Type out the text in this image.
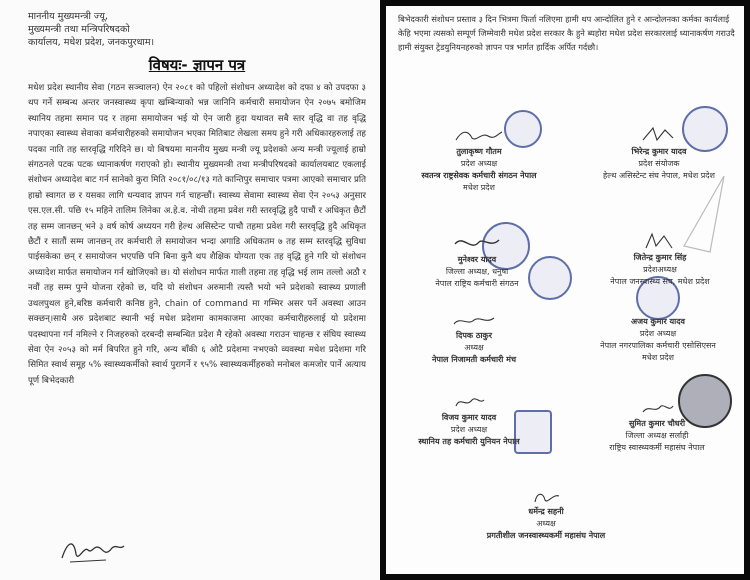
माननीय मुख्यमन्त्री ज्यू,
मुख्यमन्त्री तथा मन्त्रिपरिषदको
कार्यालय, मधेश प्रदेश, जनकपुरधाम।
विषयः- ज्ञापन पत्र

मधेश प्रदेश स्थानीय सेवा (गठन सञ्चालन) ऐन २०८१ को पहिलो संशोधन अध्यादेश को दफा ४ को उपदफा ३ थप गर्ने सम्बन्ध अन्तर जनस्वास्थ्य कृपा खम्बिन्याको भन्न जानिनि कर्मचारी समायोजन ऐन २०७५ बमोजिम स्थानिय तहमा समान पद र तहमा समायोजन भई यो ऐन जारी हुदा यथावत सबै स्तर वृद्धि वा तह वृद्धि नपाएका स्वास्थ्य सेवाका कर्मचारीहरुको समायोजन भएका मितिबाट लेखला समय हुने गरी अधिकारहरुलाई तह पदका नाति तह स्तरवृद्धि गरिदिने छ। यो बिषयमा माननीय मुख्य मन्त्री ज्यू प्रदेशको अन्य मन्त्री ज्यूलाई हाम्रो संगठनले पटक पटक ध्यानाकर्षण गराएको हो। स्थानीय मुख्यमन्त्री तथा मन्त्रीपरिषदको कार्यालयबाट एकलाई संशोधन अध्यादेश बाट गर्न सानेको कुरा मिति २०८१/०८/१३ गते कान्तिपुर समाचार पत्रमा आएको समाचार प्रति हाम्रो स्वागत छ र यसका लागि धन्यवाद ज्ञापन गर्न चाहन्छौं। स्वास्थ्य सेवामा स्वास्थ्य सेवा ऐन २०५३ अनुसार एस.एल.सी. पछि १५ महिने तालिम लिनेका अ.हे.व. नोथी तहमा प्रवेश गरी स्तरवृद्धि हुदै पाचौं र अधिकृत छैटौं तह सम्म जानछन् भने ३ वर्ष कोर्ष अध्ययन गरी हेल्थ असिस्टेन्ट पाचौ तहमा प्रवेश गरी स्तरवृद्धि हुदै अधिकृत छैटौं र सातौं सम्म जानछन् तर कर्मचारी ले समायोजन भन्दा अगाडि अधिकतम ७ तह सम्म स्तरवृद्धि सुविधा पाईसकेका छन् र समायोजन भएपछि पनि बिना कुनै थप शैक्षिक योग्यता एक तह वृद्धि हुने गरि यो संशोधन अध्यादेश मार्फत समायोजन गर्न खोजिएको छ। यो संशोधन मार्फत गाली तहमा तह वृद्धि भई लाम तल्लो अठौ र नवौं तह सम्म पुग्ने योजना रहेको छ, यदि यो संशोधन अरुमानी त्यस्तै भयो भने प्रदेशको स्वास्थ्य प्रणाली उथलपुथल हुने,बरिष्ठ कर्मचारी कनिष्ठ हुने, chain of command मा गम्भिर असर पर्ने अवस्था आउन सक्छन्।साथै अरु प्रदेशबाट स्थानी भई मधेश प्रदेशमा कामकाजमा आएका कर्मचारीहरुलाई यो प्रदेशमा पदस्थापना गर्न नमिल्ने र निजहरुको दरबन्दी सम्बन्धित प्रदेश मै रहेको अवस्था गराउन चाहन्छ र संघिय स्वास्थ्य सेवा ऐन २०५३ को मर्म बिपरित हुने गरि, अन्य बाँकी ६ ओटै प्रदेशमा नभएको व्यवस्था मधेश प्रदेशमा गरि सिमित स्वार्थ समूह ५% स्वास्थ्यकर्मीको स्वार्थ पुरागर्ने र ९५% स्वास्थ्यकर्मीहरुको मनोबल कमजोर पार्ने अत्याय पूर्ण बिभेदकारी

बिभेदकारी संशोधन प्रस्ताव ३ दिन भित्रमा फिर्ता नलिएमा हामी थप आन्दोलित हुने र आन्दोलनका कर्मका कार्यलाई केहि भएमा त्यसको सम्पूर्ण जिम्मेवारी मधेश प्रदेश सरकार कै हुने ब्यहोरा मधेश प्रदेश सरकारलाई ध्यानाकर्षण गराउदै हामी संयुक्त ट्रेडयुनियनहरुको ज्ञापन पत्र भार्गत हार्दिक अर्पित गर्दछौ।
तुलाकृष्ण गौतम
प्रदेश अध्यक्ष
स्वतन्त्र राष्ट्रसेवक कर्मचारी संगठन नेपाल
मधेश प्रदेश
भिरेन्द्र कुमार यादव
प्रदेश संयोजक
हेल्थ असिस्टेन्ट संघ नेपाल, मधेश प्रदेश
मुनेश्वर यादव
जिल्ला अध्यक्ष, धनुषा
नेपाल राष्ट्रिय कर्मचारी संगठन
जितेन्द्र कुमार सिंह
प्रदेशअध्यक्ष
नेपाल जनस्वास्थ्य संघ, मधेश प्रदेश
दिपक ठाकुर
अध्यक्ष
नेपाल निजामती कर्मचारी मंच
अजय कुमार यादव
प्रदेश अध्यक्ष
नेपाल नगरपालिका कर्मचारी एसोसिएसन
मधेश प्रदेश
विजय कुमार यादव
प्रदेश अध्यक्ष
स्थानिय तह कर्मचारी युनियन नेपाल
सुमित कुमार चौधरी
जिल्ला अध्यक्ष सर्लाही
राष्ट्रिय स्वास्थ्यकर्मी महासंघ नेपाल
धर्मेन्द्र सहनी
अध्यक्ष
प्रगतीशील जनस्वास्थ्यकर्मी महासंघ नेपाल
